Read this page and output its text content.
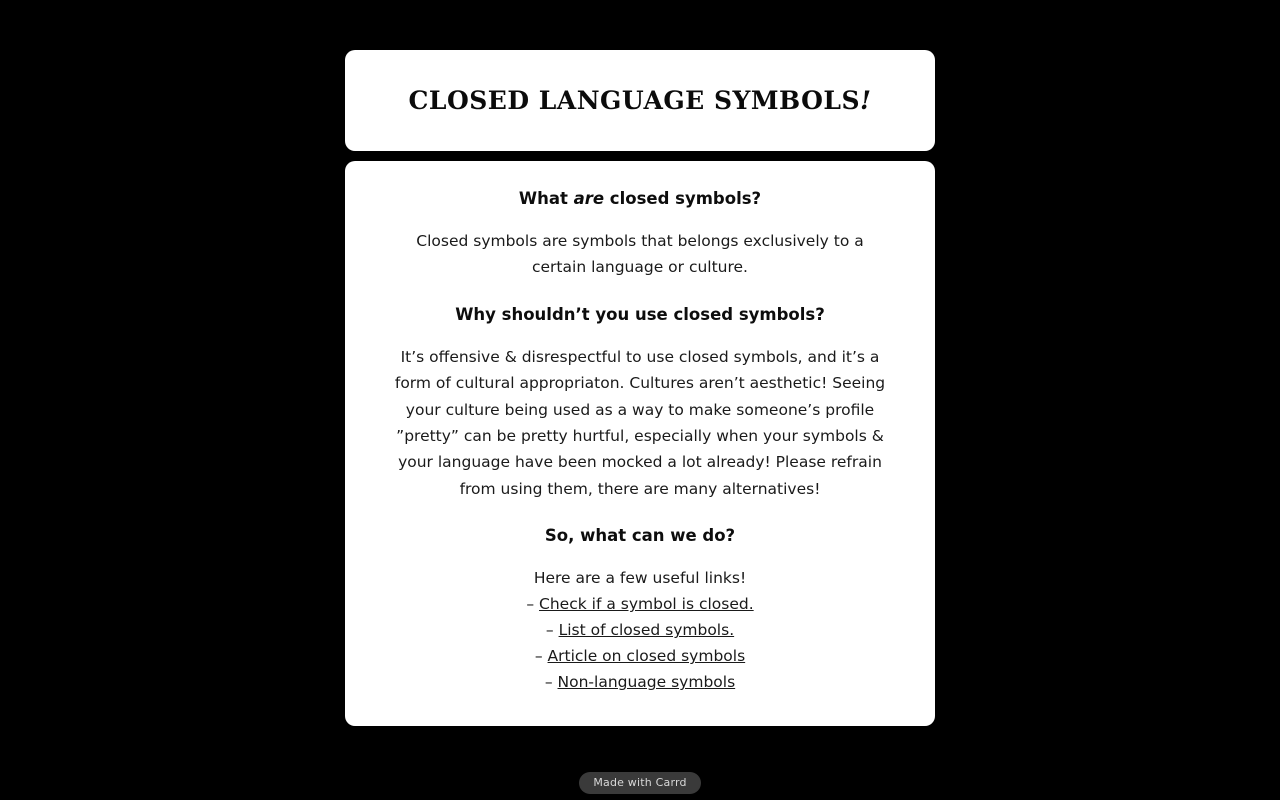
CLOSED LANGUAGE SYMBOLS!

What are closed symbols?

Closed symbols are symbols that belongs exclusively to a certain language or culture.

Why shouldn’t you use closed symbols?

It’s offensive & disrespectful to use closed symbols, and it’s a form of cultural appropriaton. Cultures aren’t aesthetic! Seeing your culture being used as a way to make someone’s profile ”pretty” can be pretty hurtful, especially when your symbols & your language have been mocked a lot already! Please refrain from using them, there are many alternatives!

So, what can we do?

Here are a few useful links!

– Check if a symbol is closed.
– List of closed symbols.
– Article on closed symbols
– Non-language symbols
Made with Carrd
